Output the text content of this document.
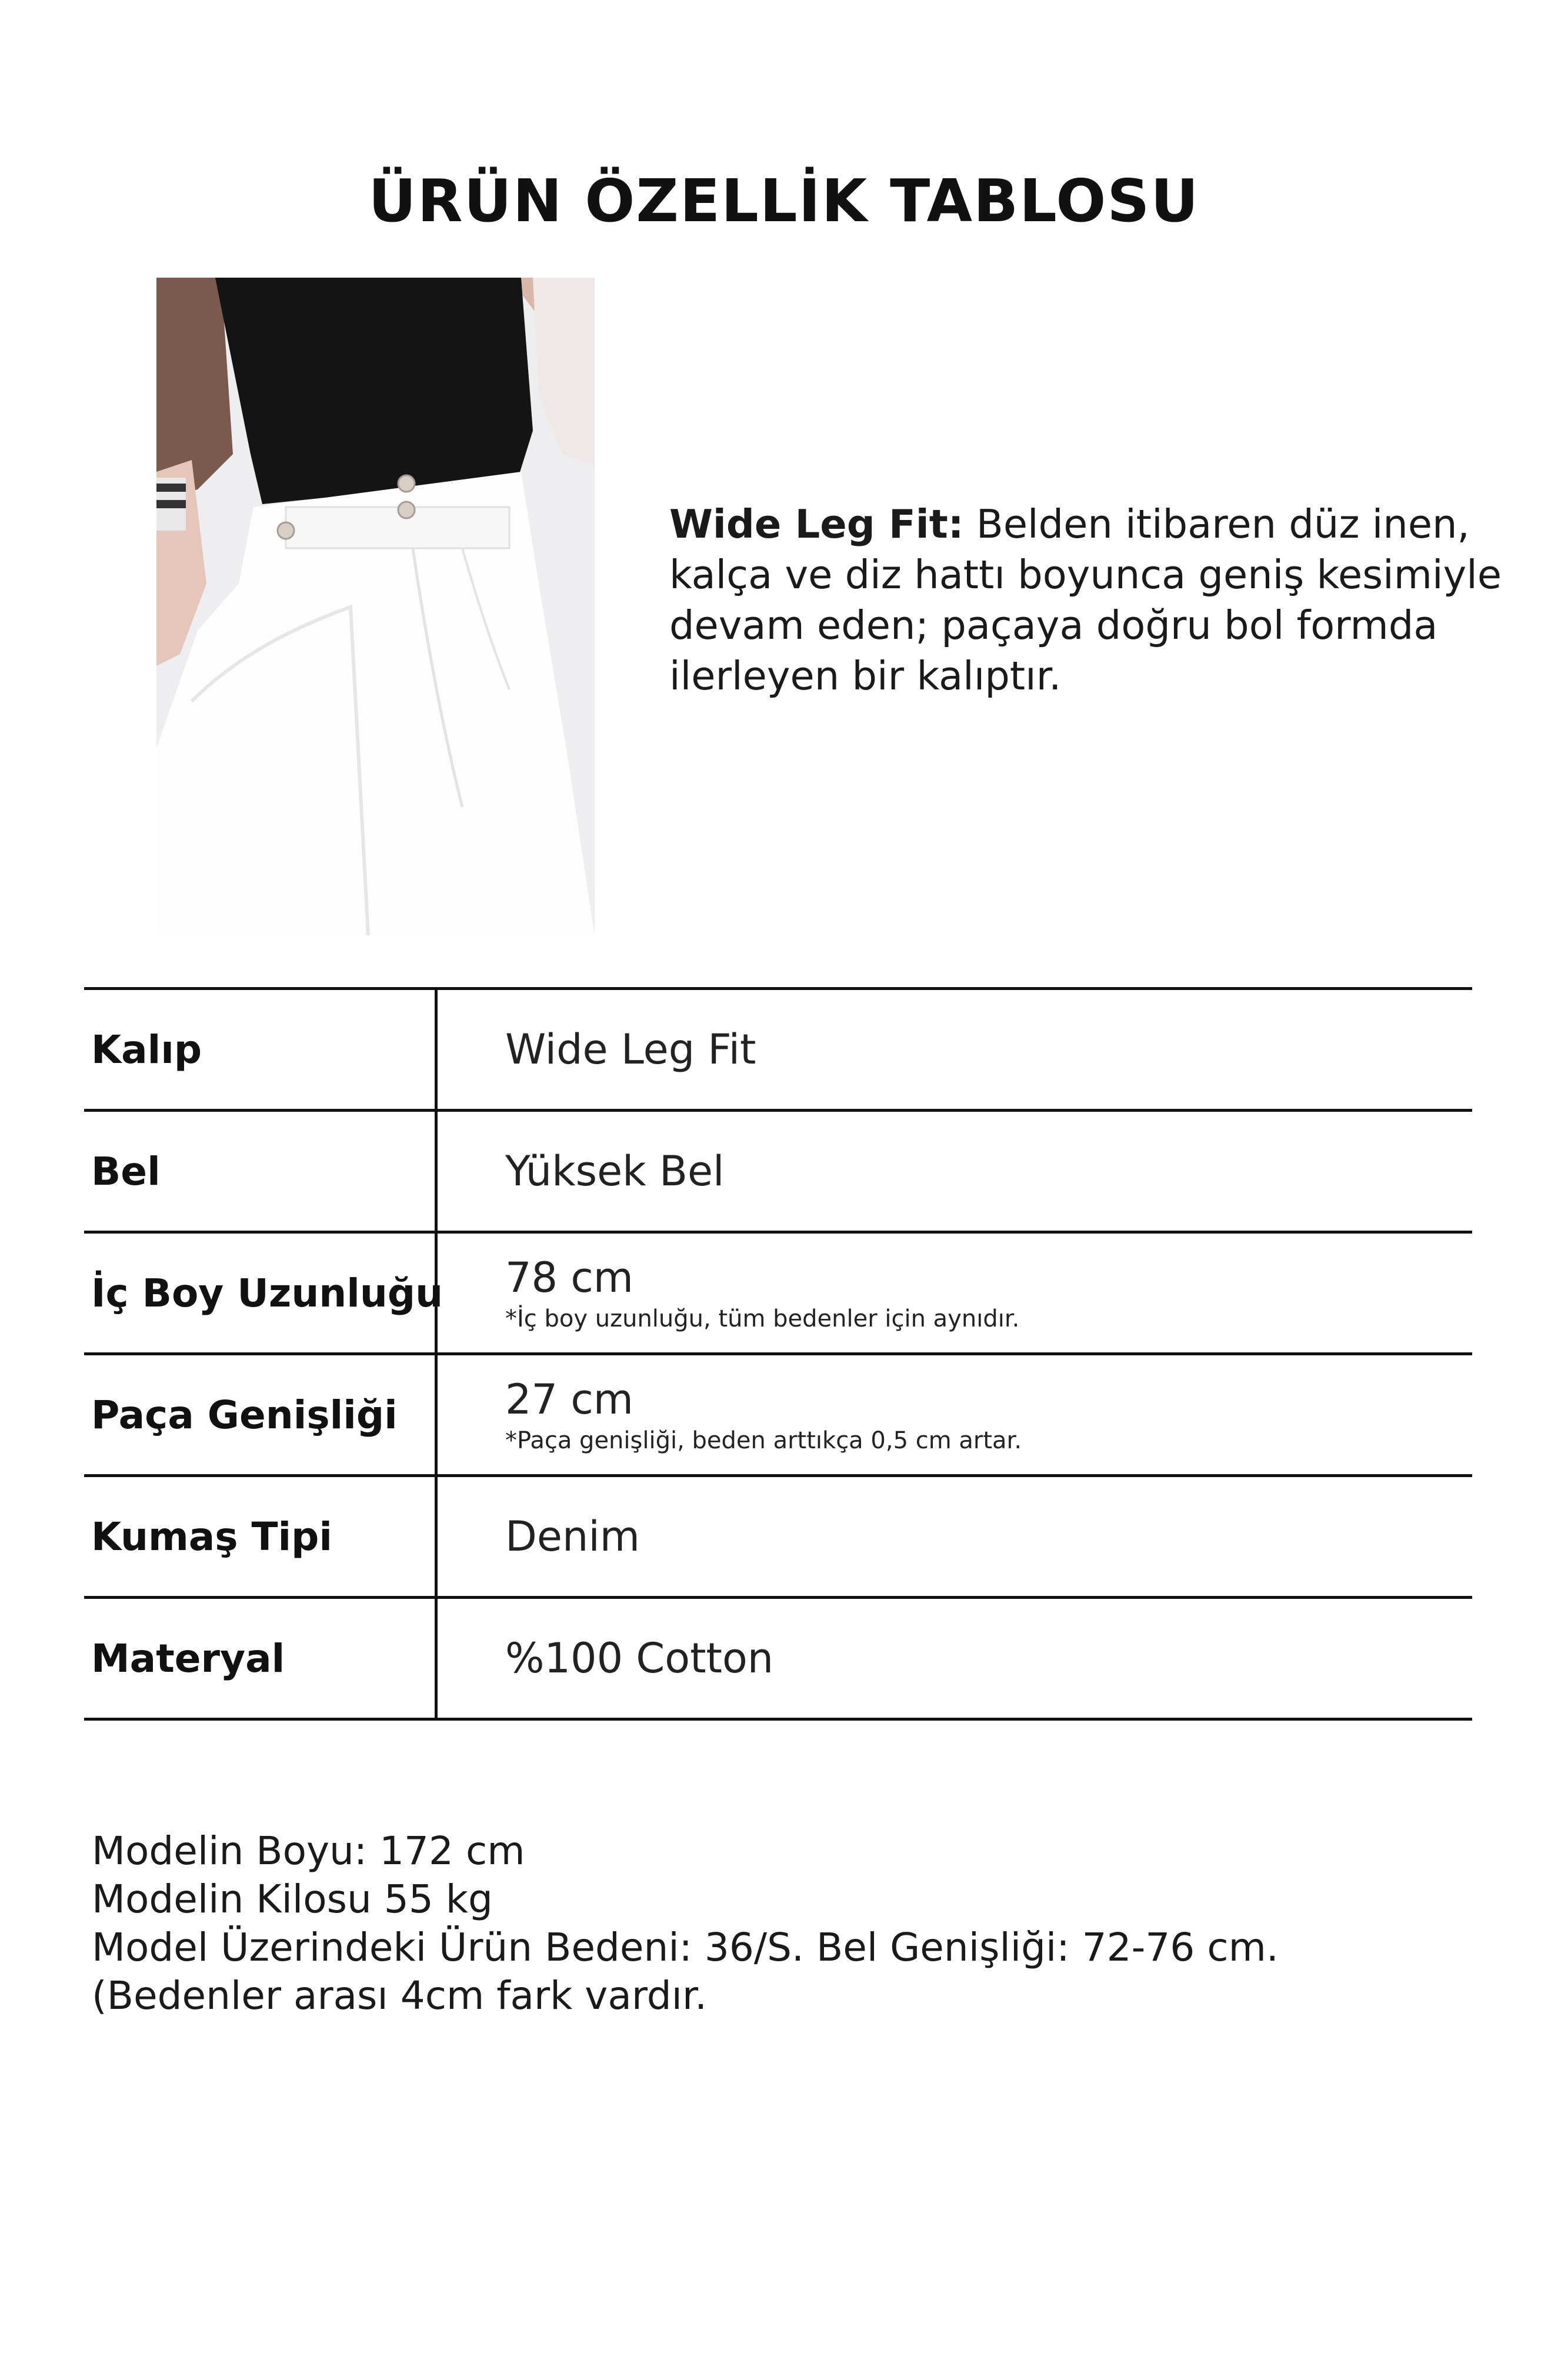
ÜRÜN ÖZELLİK TABLOSU
Wide Leg Fit: Belden itibaren düz inen, kalça ve diz hattı boyunca geniş kesimiyle devam eden; paçaya doğru bol formda ilerleyen bir kalıptır.
Kalıp	Wide Leg Fit
Bel	Yüksek Bel
İç Boy Uzunluğu 78 cm
*İç boy uzunluğu, tüm bedenler için aynıdır.
Paça Genişliği	27 cm
*Paça genişliği, beden arttıkça 0,5 cm artar.
Kumaş Tipi	Denim
Materyal	%100 Cotton
Modelin Boyu: 172 cm
Modelin Kilosu 55 kg
Model Üzerindeki Ürün Bedeni: 36/S. Bel Genişliği: 72-76 cm. (Bedenler arası 4cm fark vardır.
